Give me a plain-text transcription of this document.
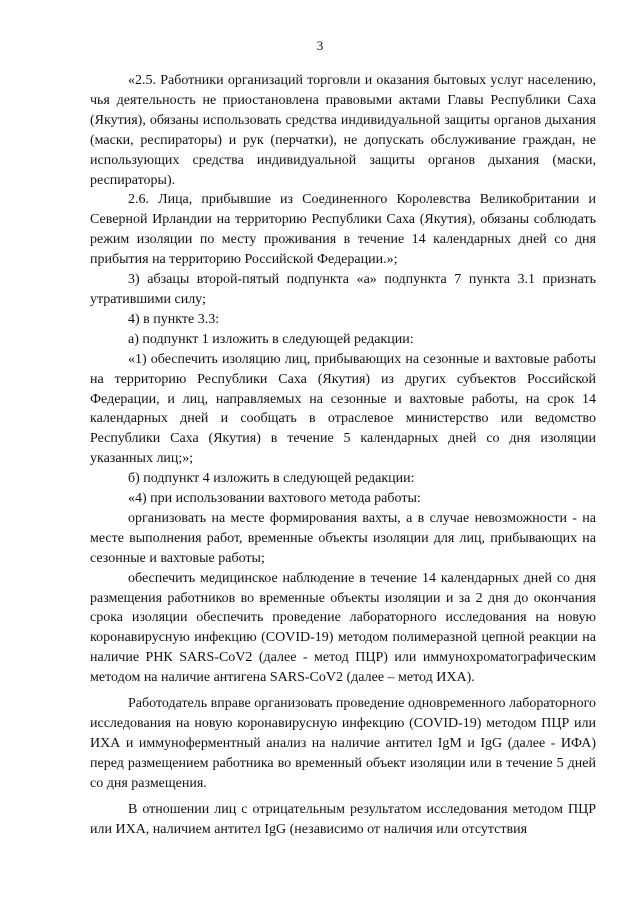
3

«2.5. Работники организаций торговли и оказания бытовых услуг населению, чья деятельность не приостановлена правовыми актами Главы Республики Саха (Якутия), обязаны использовать средства индивидуальной защиты органов дыхания (маски, респираторы) и рук (перчатки), не допускать обслуживание граждан, не использующих средства индивидуальной защиты органов дыхания (маски, респираторы).

2.6. Лица, прибывшие из Соединенного Королевства Великобритании и Северной Ирландии на территорию Республики Саха (Якутия), обязаны соблюдать режим изоляции по месту проживания в течение 14 календарных дней со дня прибытия на территорию Российской Федерации.»;

3) абзацы второй-пятый подпункта «а» подпункта 7 пункта 3.1 признать утратившими силу;

4) в пункте 3.3:

а) подпункт 1 изложить в следующей редакции:

«1) обеспечить изоляцию лиц, прибывающих на сезонные и вахтовые работы на территорию Республики Саха (Якутия) из других субъектов Российской Федерации, и лиц, направляемых на сезонные и вахтовые работы, на срок 14 календарных дней и сообщать в отраслевое министерство или ведомство Республики Саха (Якутия) в течение 5 календарных дней со дня изоляции указанных лиц;»;

б) подпункт 4 изложить в следующей редакции:

«4) при использовании вахтового метода работы:

организовать на месте формирования вахты, а в случае невозможности - на месте выполнения работ, временные объекты изоляции для лиц, прибывающих на сезонные и вахтовые работы;

обеспечить медицинское наблюдение в течение 14 календарных дней со дня размещения работников во временные объекты изоляции и за 2 дня до окончания срока изоляции обеспечить проведение лабораторного исследования на новую коронавирусную инфекцию (COVID-19) методом полимеразной цепной реакции на наличие РНК SARS-CoV2 (далее - метод ПЦР) или иммунохроматографическим методом на наличие антигена SARS-CoV2 (далее – метод ИХА).

Работодатель вправе организовать проведение одновременного лабораторного исследования на новую коронавирусную инфекцию (COVID-19) методом ПЦР или ИХА и иммуноферментный анализ на наличие антител IgM и IgG (далее - ИФА) перед размещением работника во временный объект изоляции или в течение 5 дней со дня размещения.

В отношении лиц с отрицательным результатом исследования методом ПЦР или ИХА, наличием антител IgG (независимо от наличия или отсутствия
